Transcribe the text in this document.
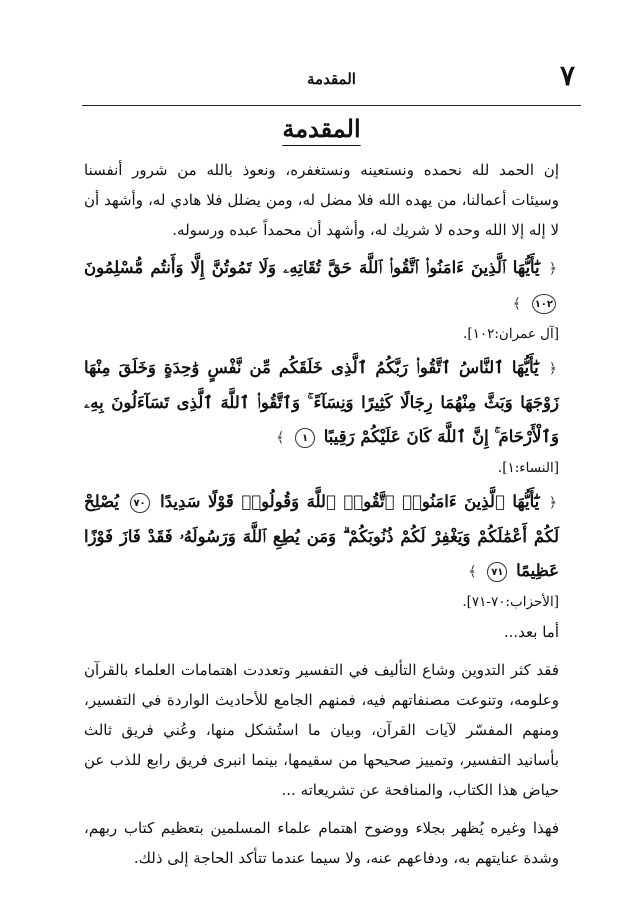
٧
المقدمة
المقدمة

إن الحمد لله نحمده ونستعينه ونستغفره، ونعوذ بالله من شرور أنفسنا وسيئات أعمالنا، من يهده الله فلا مضل له، ومن يضلل فلا هادي له، وأشهد أن لا إله إلا الله وحده لا شريك له، وأشهد أن محمداً عبده ورسوله.

﴿ يَٰٓأَيُّهَا ٱلَّذِينَ ءَامَنُوا۟ ٱتَّقُوا۟ ٱللَّهَ حَقَّ تُقَاتِهِۦ وَلَا تَمُوتُنَّ إِلَّا وَأَنتُم مُّسْلِمُونَ ١٠٢ ﴾

[آل عمران:١٠٢].

﴿ يَٰٓأَيُّهَا ٱلنَّاسُ ٱتَّقُوا۟ رَبَّكُمُ ٱلَّذِى خَلَقَكُم مِّن نَّفْسٍ وَٰحِدَةٍ وَخَلَقَ مِنْهَا زَوْجَهَا وَبَثَّ مِنْهُمَا رِجَالًا كَثِيرًا وَنِسَآءً ۚ وَٱتَّقُوا۟ ٱللَّهَ ٱلَّذِى تَسَآءَلُونَ بِهِۦ وَٱلْأَرْحَامَ ۚ إِنَّ ٱللَّهَ كَانَ عَلَيْكُمْ رَقِيبًا ١ ﴾

[النساء:١].

﴿ يَٰٓأَيُّهَا ٱلَّذِينَ ءَامَنُوا۟ ٱتَّقُوا۟ ٱللَّهَ وَقُولُوا۟ قَوْلًا سَدِيدًا ٧٠ يُصْلِحْ لَكُمْ أَعْمَٰلَكُمْ وَيَغْفِرْ لَكُمْ ذُنُوبَكُمْ ۗ وَمَن يُطِعِ ٱللَّهَ وَرَسُولَهُۥ فَقَدْ فَازَ فَوْزًا عَظِيمًا ٧١ ﴾

[الأحزاب:٧٠-٧١].

أما بعد...

فقد كثر التدوين وشاع التأليف في التفسير وتعددت اهتمامات العلماء بالقرآن وعلومه، وتنوعت مصنفاتهم فيه، فمنهم الجامع للأحاديث الواردة في التفسير، ومنهم المفسّر لآيات القرآن، وبيان ما استُشكل منها، وعُني فريق ثالث بأسانيد التفسير، وتمييز صحيحها من سقيمها، بينما انبرى فريق رابع للذب عن حياض هذا الكتاب، والمنافحة عن تشريعاته ...

فهذا وغيره يُظهر بجلاء ووضوح اهتمام علماء المسلمين بتعظيم كتاب ربهم، وشدة عنايتهم به، ودفاعهم عنه، ولا سيما عندما تتأكد الحاجة إلى ذلك.
